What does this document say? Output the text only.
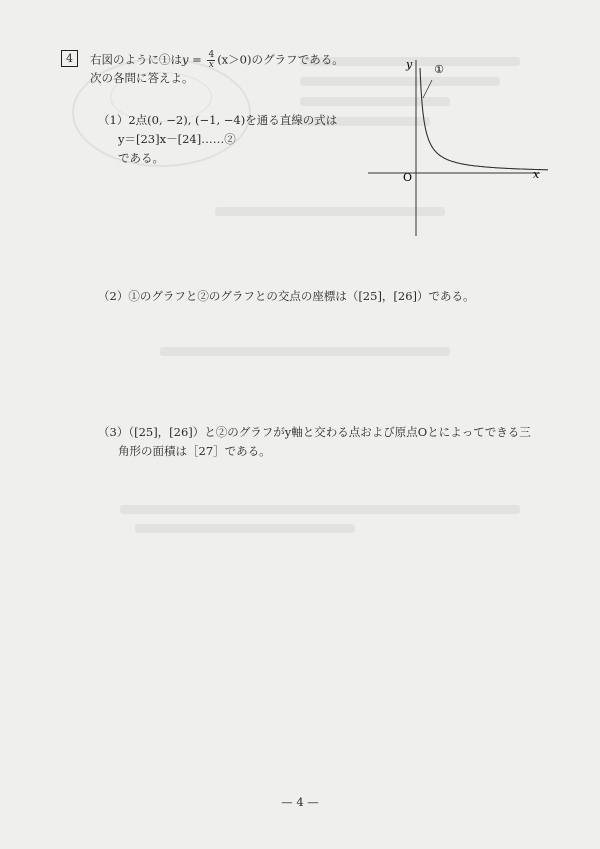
4	右図のように①は$y = \frac{4}{x} (x>0)$のグラフである。
次の各問に答えよ。
（1）2点(0, −2), (−1, −4)を通る直線の式は
y＝[23]x－[24]……②
である。
①
y
x
O
（2）①のグラフと②のグラフとの交点の座標は（[25]，[26]）である。
（3）（[25]，[26]）と②のグラフがy軸と交わる点および原点Oとによってできる三
角形の面積は［27］である。
— 4 —
